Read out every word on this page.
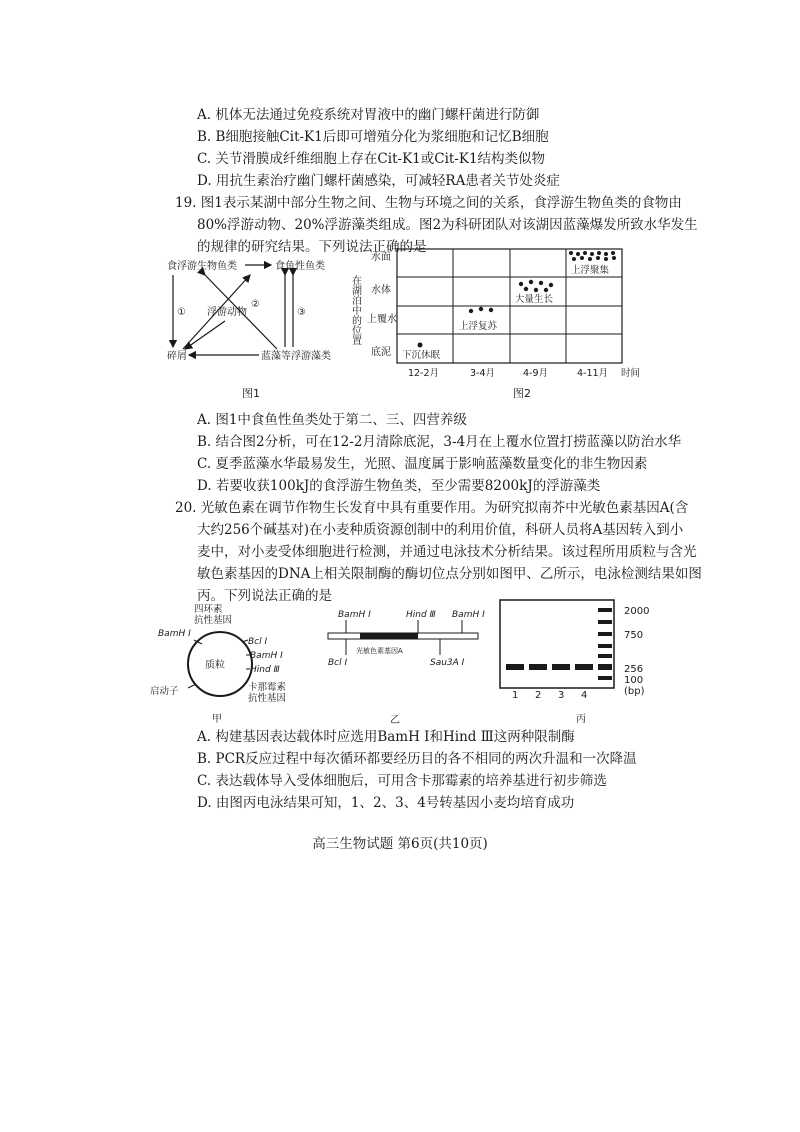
A. 机体无法通过免疫系统对胃液中的幽门螺杆菌进行防御
B. B细胞接触Cit-K1后即可增殖分化为浆细胞和记忆B细胞
C. 关节滑膜成纤维细胞上存在Cit-K1或Cit-K1结构类似物
D. 用抗生素治疗幽门螺杆菌感染，可减轻RA患者关节处炎症
19. 图1表示某湖中部分生物之间、生物与环境之间的关系，食浮游生物鱼类的食物由
80%浮游动物、20%浮游藻类组成。图2为科研团队对该湖因蓝藻爆发所致水华发生
的规律的研究结果。下列说法正确的是
食浮游生物鱼类	食鱼性鱼类
浮游动物
碎屑	蓝藻等浮游藻类
①
②
③
图1
在湖泊中的位置
水面
水体
上覆水
底泥 下沉休眠
上浮复苏
大量生长
上浮聚集
12-2月	3-4月	4-9月	4-11月 时间
图2
A. 图1中食鱼性鱼类处于第二、三、四营养级
B. 结合图2分析，可在12-2月清除底泥，3-4月在上覆水位置打捞蓝藻以防治水华
C. 夏季蓝藻水华最易发生，光照、温度属于影响蓝藻数量变化的非生物因素
D. 若要收获100kJ的食浮游生物鱼类，至少需要8200kJ的浮游藻类
20. 光敏色素在调节作物生长发育中具有重要作用。为研究拟南芥中光敏色素基因A(含
大约256个碱基对)在小麦种质资源创制中的利用价值，科研人员将A基因转入到小
麦中，对小麦受体细胞进行检测，并通过电泳技术分析结果。该过程所用质粒与含光
敏色素基因的DNA上相关限制酶的酶切位点分别如图甲、乙所示，电泳检测结果如图
丙。下列说法正确的是
质粒
四环素
抗性基因
BamH Ⅰ
Bcl Ⅰ
BamH Ⅰ
Hind Ⅲ
启动子	卡那霉素
抗性基因
甲
BamH Ⅰ	Hind Ⅲ BamH Ⅰ
Bcl Ⅰ
光敏色素基因A
Sau3A Ⅰ
乙
2000
750
256
100
(bp)
1 2 3 4
丙
A. 构建基因表达载体时应选用BamH Ⅰ和Hind Ⅲ这两种限制酶
B. PCR反应过程中每次循环都要经历目的各不相同的两次升温和一次降温
C. 表达载体导入受体细胞后，可用含卡那霉素的培养基进行初步筛选
D. 由图丙电泳结果可知，1、2、3、4号转基因小麦均培育成功
高三生物试题 第6页(共10页)
